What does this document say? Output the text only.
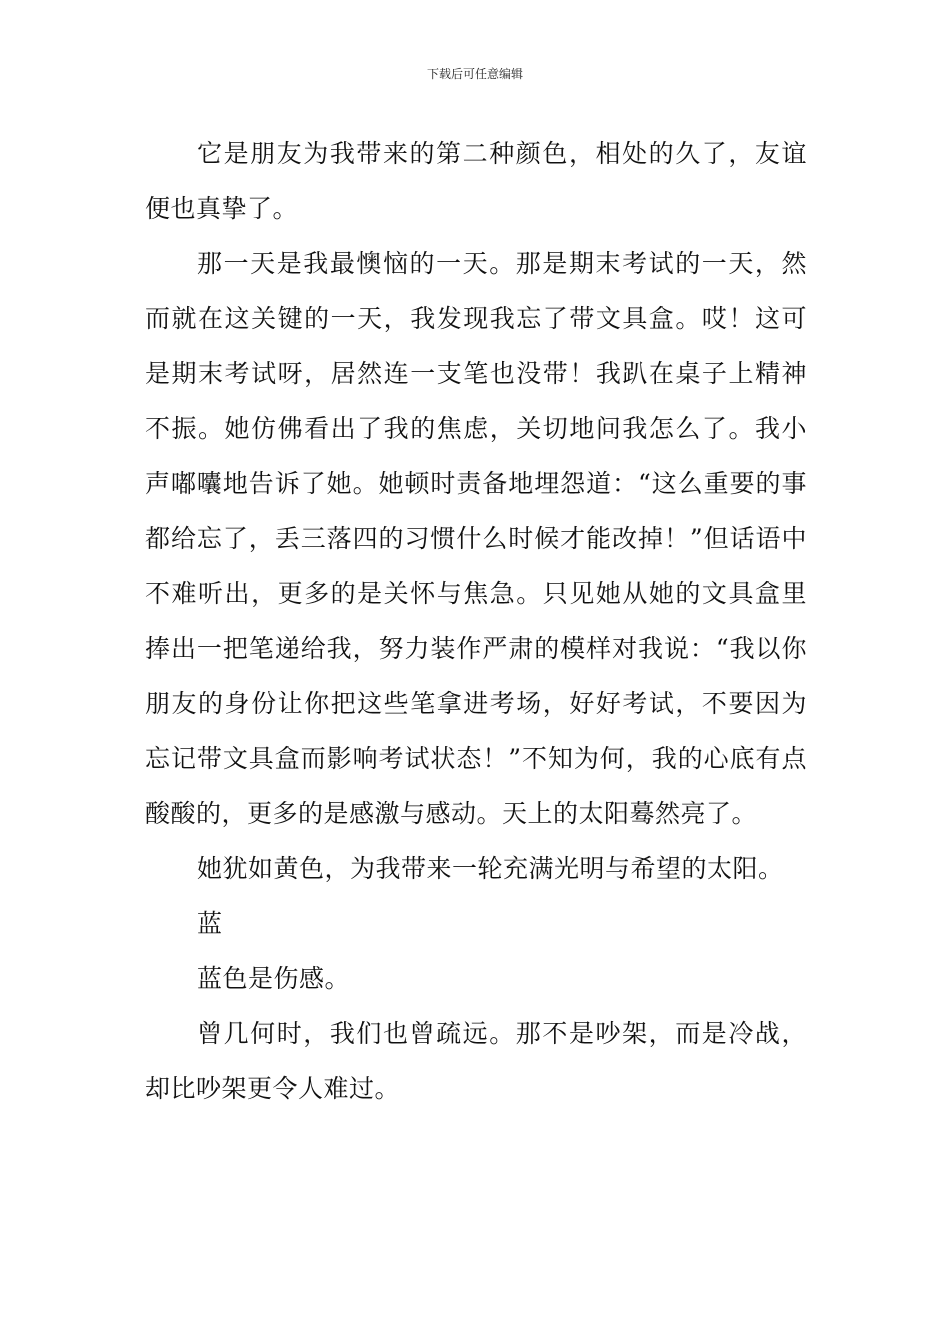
下载后可任意编辑

它是朋友为我带来的第二种颜色，相处的久了，友谊便也真挚了。

那一天是我最懊恼的一天。那是期末考试的一天，然而就在这关键的一天，我发现我忘了带文具盒。哎！这可是期末考试呀，居然连一支笔也没带！我趴在桌子上精神不振。她仿佛看出了我的焦虑，关切地问我怎么了。我小声嘟囔地告诉了她。她顿时责备地埋怨道：“这么重要的事都给忘了，丢三落四的习惯什么时候才能改掉！”但话语中不难听出，更多的是关怀与焦急。只见她从她的文具盒里捧出一把笔递给我，努力装作严肃的模样对我说：“我以你朋友的身份让你把这些笔拿进考场，好好考试，不要因为忘记带文具盒而影响考试状态！”不知为何，我的心底有点酸酸的，更多的是感激与感动。天上的太阳蓦然亮了。

她犹如黄色，为我带来一轮充满光明与希望的太阳。

蓝

蓝色是伤感。

曾几何时，我们也曾疏远。那不是吵架，而是冷战，却比吵架更令人难过。
